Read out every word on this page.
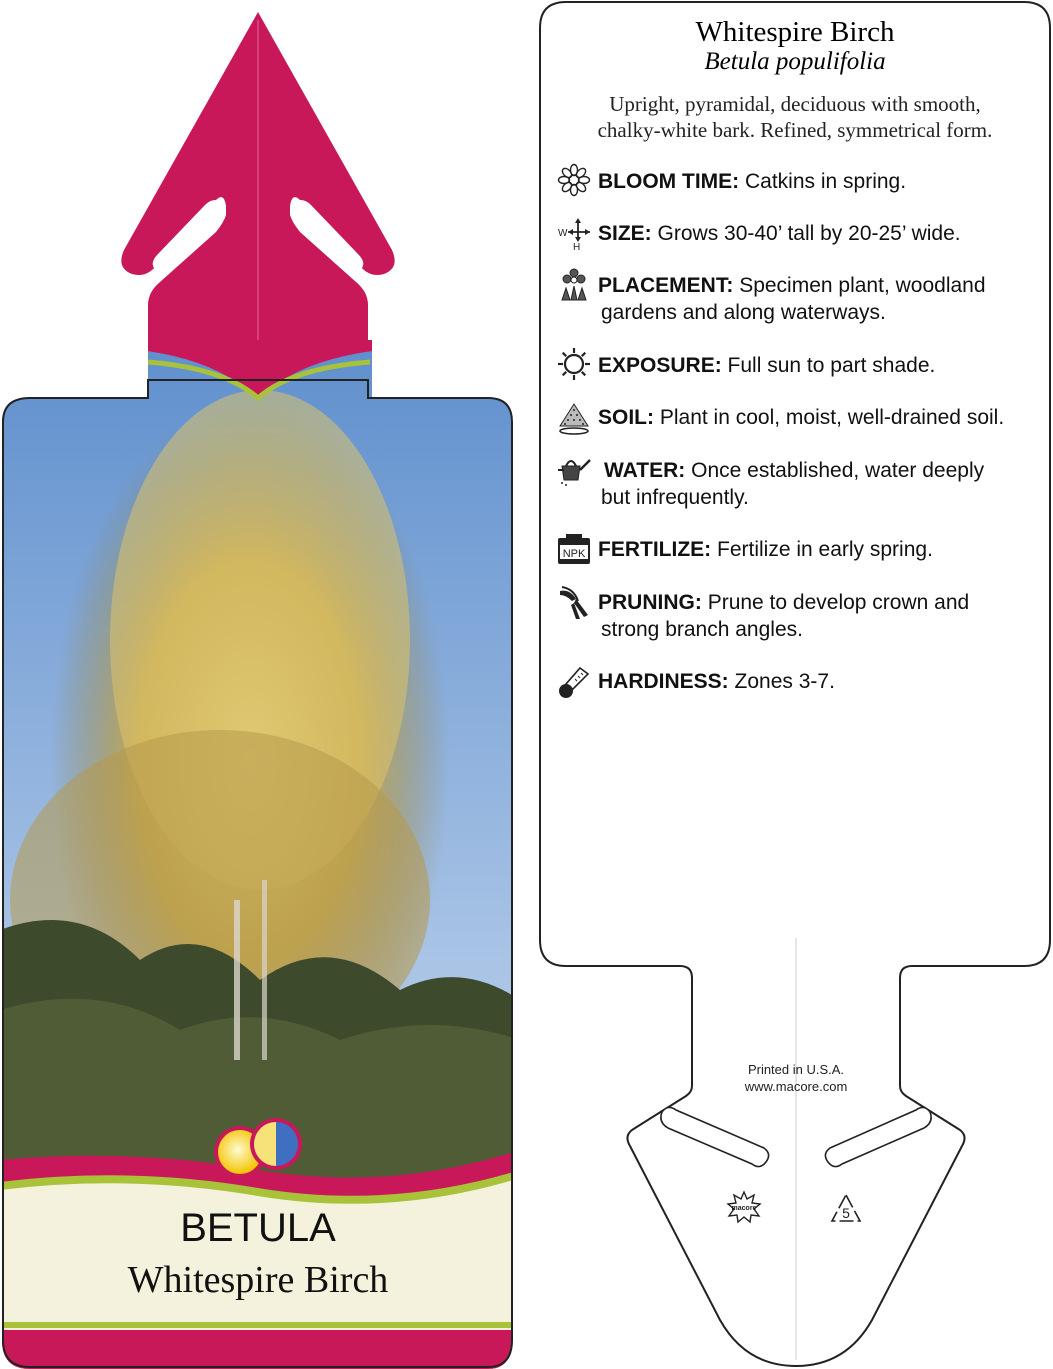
BETULA
Whitespire Birch
Whitespire Birch
Betula populifolia
Upright, pyramidal, deciduous with smooth,
chalky-white bark. Refined, symmetrical form.
BLOOM TIME: Catkins in spring.
SIZE: Grows 30-40’ tall by 20-25’ wide.
PLACEMENT: Specimen plant, woodland
gardens and along waterways.
EXPOSURE: Full sun to part shade.
SOIL: Plant in cool, moist, well-drained soil.
WATER: Once established, water deeply
but infrequently.
FERTILIZE: Fertilize in early spring.
PRUNING: Prune to develop crown and
strong branch angles.
HARDINESS: Zones 3-7.
W
H
NPK
Printed in U.S.A.
www.macore.com
macore	5
